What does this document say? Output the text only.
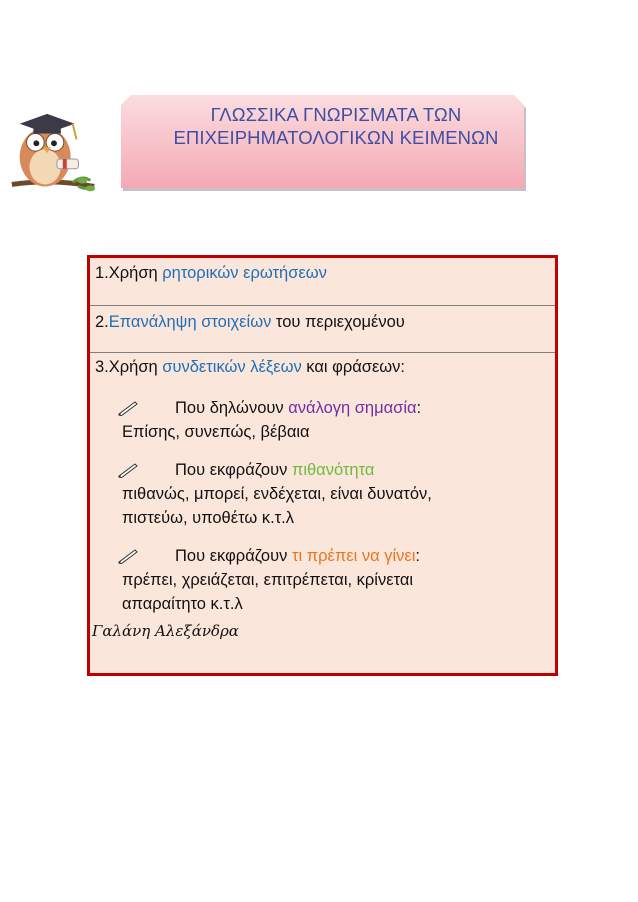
ΓΛΩΣΣΙΚΑ ΓΝΩΡΙΣΜΑΤΑ ΤΩΝ
ΕΠΙΧΕΙΡΗΜΑΤΟΛΟΓΙΚΩΝ ΚΕΙΜΕΝΩΝ
1.Χρήση ρητορικών ερωτήσεων
2.Επανάληψη στοιχείων του περιεχομένου
3.Χρήση συνδετικών λέξεων και φράσεων:
Που δηλώνουν ανάλογη σημασία:
Επίσης, συνεπώς, βέβαια
Που εκφράζουν πιθανότητα
πιθανώς, μπορεί, ενδέχεται, είναι δυνατόν,
πιστεύω, υποθέτω κ.τ.λ
Που εκφράζουν τι πρέπει να γίνει:
πρέπει, χρειάζεται, επιτρέπεται, κρίνεται
απαραίτητο κ.τ.λ
Γαλάνη Αλεξάνδρα
